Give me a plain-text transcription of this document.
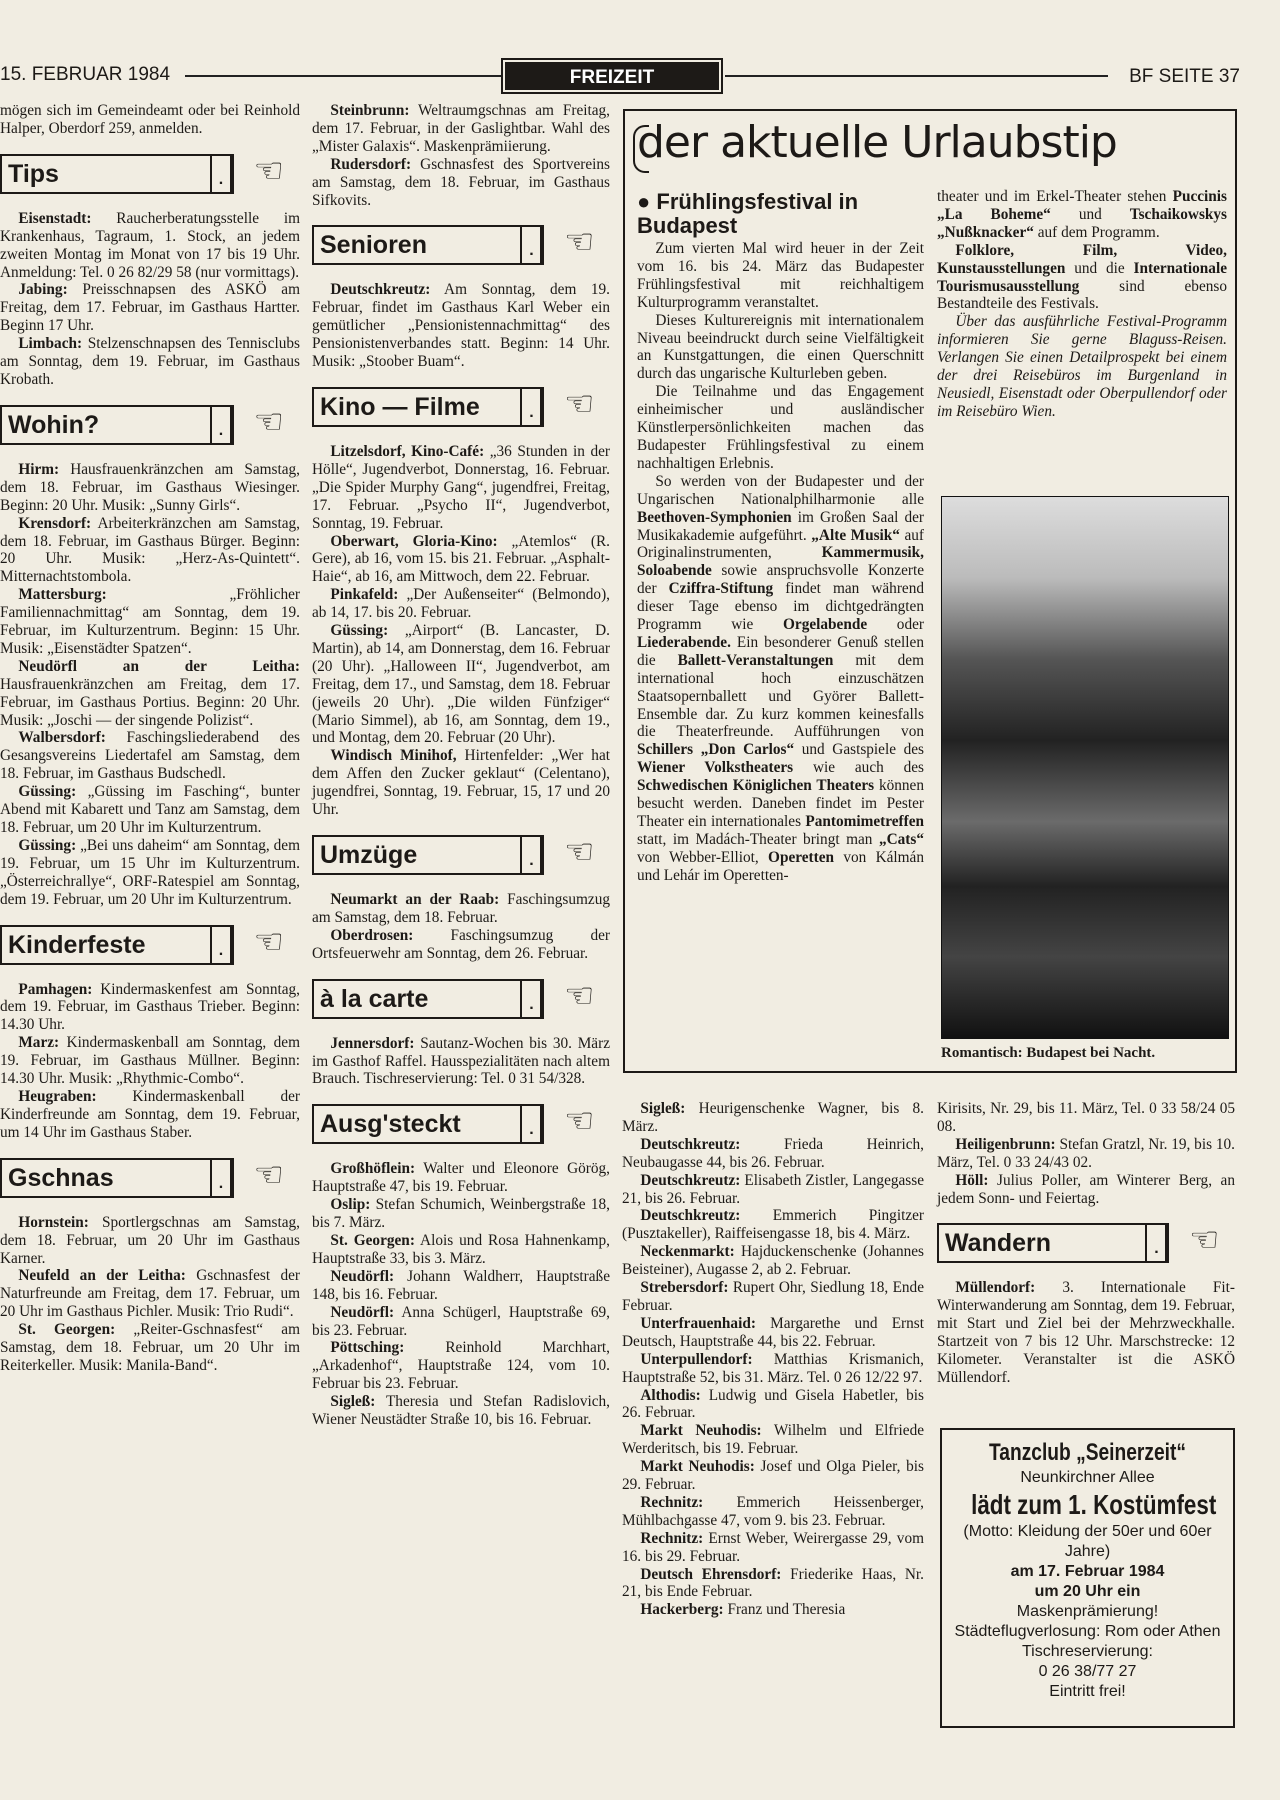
15. FEBRUAR 1984	FREIZEIT	BF SEITE 37

mögen sich im Gemeindeamt oder bei Reinhold Halper, Oberdorf 259, anmelden.

Tips	. ☜

Eisenstadt: Raucherberatungsstelle im Krankenhaus, Tagraum, 1. Stock, an jedem zweiten Montag im Monat von 17 bis 19 Uhr. Anmeldung: Tel. 0 26 82/29 58 (nur vormittags).

Jabing: Preisschnapsen des ASKÖ am Freitag, dem 17. Februar, im Gasthaus Hartter. Beginn 17 Uhr.

Limbach: Stelzenschnapsen des Tennisclubs am Sonntag, dem 19. Februar, im Gasthaus Krobath.

Wohin?	. ☜

Hirm: Hausfrauenkränzchen am Samstag, dem 18. Februar, im Gasthaus Wiesinger. Beginn: 20 Uhr. Musik: „Sunny Girls“.

Krensdorf: Arbeiterkränzchen am Samstag, dem 18. Februar, im Gasthaus Bürger. Beginn: 20 Uhr. Musik: „Herz-As-Quintett“. Mitternachtstombola.

Mattersburg: „Fröhlicher Familiennachmittag“ am Sonntag, dem 19. Februar, im Kulturzentrum. Beginn: 15 Uhr. Musik: „Eisenstädter Spatzen“.

Neudörfl an der Leitha: Hausfrauenkränzchen am Freitag, dem 17. Februar, im Gasthaus Portius. Beginn: 20 Uhr. Musik: „Joschi — der singende Polizist“.

Walbersdorf: Faschingsliederabend des Gesangsvereins Liedertafel am Samstag, dem 18. Februar, im Gasthaus Budschedl.

Güssing: „Güssing im Fasching“, bunter Abend mit Kabarett und Tanz am Samstag, dem 18. Februar, um 20 Uhr im Kulturzentrum.

Güssing: „Bei uns daheim“ am Sonntag, dem 19. Februar, um 15 Uhr im Kulturzentrum. „Österreichrallye“, ORF-Ratespiel am Sonntag, dem 19. Februar, um 20 Uhr im Kulturzentrum.

Kinderfeste	. ☜

Pamhagen: Kindermaskenfest am Sonntag, dem 19. Februar, im Gasthaus Trieber. Beginn: 14.30 Uhr.

Marz: Kindermaskenball am Sonntag, dem 19. Februar, im Gasthaus Müllner. Beginn: 14.30 Uhr. Musik: „Rhythmic-Combo“.

Heugraben: Kindermaskenball der Kinderfreunde am Sonntag, dem 19. Februar, um 14 Uhr im Gasthaus Staber.

Gschnas	. ☜

Hornstein: Sportlergschnas am Samstag, dem 18. Februar, um 20 Uhr im Gasthaus Karner.

Neufeld an der Leitha: Gschnasfest der Naturfreunde am Freitag, dem 17. Februar, um 20 Uhr im Gasthaus Pichler. Musik: Trio Rudi“.

St. Georgen: „Reiter-Gschnasfest“ am Samstag, dem 18. Februar, um 20 Uhr im Reiterkeller. Musik: Manila-Band“.

Steinbrunn: Weltraumgschnas am Freitag, dem 17. Februar, in der Gaslightbar. Wahl des „Mister Galaxis“. Maskenprämiierung.

Rudersdorf: Gschnasfest des Sportvereins am Samstag, dem 18. Februar, im Gasthaus Sifkovits.

Senioren	. ☜

Deutschkreutz: Am Sonntag, dem 19. Februar, findet im Gasthaus Karl Weber ein gemütlicher „Pensionistennachmittag“ des Pensionistenverbandes statt. Beginn: 14 Uhr. Musik: „Stoober Buam“.

Kino — Filme	. ☜

Litzelsdorf, Kino-Café: „36 Stunden in der Hölle“, Jugendverbot, Donnerstag, 16. Februar. „Die Spider Murphy Gang“, jugendfrei, Freitag, 17. Februar. „Psycho II“, Jugendverbot, Sonntag, 19. Februar.

Oberwart, Gloria-Kino: „Atemlos“ (R. Gere), ab 16, vom 15. bis 21. Februar. „Asphalt-Haie“, ab 16, am Mittwoch, dem 22. Februar.

Pinkafeld: „Der Außenseiter“ (Belmondo), ab 14, 17. bis 20. Februar.

Güssing: „Airport“ (B. Lancaster, D. Martin), ab 14, am Donnerstag, dem 16. Februar (20 Uhr). „Halloween II“, Jugendverbot, am Freitag, dem 17., und Samstag, dem 18. Februar (jeweils 20 Uhr). „Die wilden Fünfziger“ (Mario Simmel), ab 16, am Sonntag, dem 19., und Montag, dem 20. Februar (20 Uhr).

Windisch Minihof, Hirtenfelder: „Wer hat dem Affen den Zucker geklaut“ (Celentano), jugendfrei, Sonntag, 19. Februar, 15, 17 und 20 Uhr.

Umzüge	. ☜

Neumarkt an der Raab: Faschingsumzug am Samstag, dem 18. Februar.

Oberdrosen: Faschingsumzug der Ortsfeuerwehr am Sonntag, dem 26. Februar.

à la carte	. ☜

Jennersdorf: Sautanz-Wochen bis 30. März im Gasthof Raffel. Hausspezialitäten nach altem Brauch. Tischreservierung: Tel. 0 31 54/328.

Ausg'steckt	. ☜

Großhöflein: Walter und Eleonore Görög, Hauptstraße 47, bis 19. Februar.

Oslip: Stefan Schumich, Weinbergstraße 18, bis 7. März.

St. Georgen: Alois und Rosa Hahnenkamp, Hauptstraße 33, bis 3. März.

Neudörfl: Johann Waldherr, Hauptstraße 148, bis 16. Februar.

Neudörfl: Anna Schügerl, Hauptstraße 69, bis 23. Februar.

Pöttsching: Reinhold Marchhart, „Arkadenhof“, Hauptstraße 124, vom 10. Februar bis 23. Februar.

Sigleß: Theresia und Stefan Radislovich, Wiener Neustädter Straße 10, bis 16. Februar.

der aktuelle Urlaubstip

● Frühlingsfestival in Budapest

Zum vierten Mal wird heuer in der Zeit vom 16. bis 24. März das Budapester Frühlingsfestival mit reichhaltigem Kulturprogramm veranstaltet.

Dieses Kulturereignis mit internationalem Niveau beeindruckt durch seine Vielfältigkeit an Kunstgattungen, die einen Querschnitt durch das ungarische Kulturleben geben.

Die Teilnahme und das Engagement einheimischer und ausländischer Künstlerpersönlichkeiten machen das Budapester Frühlingsfestival zu einem nachhaltigen Erlebnis.

So werden von der Budapester und der Ungarischen Nationalphilharmonie alle Beethoven-Symphonien im Großen Saal der Musikakademie aufgeführt. „Alte Musik“ auf Originalinstrumenten, Kammermusik, Soloabende sowie anspruchsvolle Konzerte der Cziffra-Stiftung findet man während dieser Tage ebenso im dichtgedrängten Programm wie Orgelabende oder Liederabende. Ein besonderer Genuß stellen die Ballett-Veranstaltungen mit dem international hoch einzuschätzen Staatsopernballett und Györer Ballett-Ensemble dar. Zu kurz kommen keinesfalls die Theaterfreunde. Aufführungen von Schillers „Don Carlos“ und Gastspiele des Wiener Volkstheaters wie auch des Schwedischen Königlichen Theaters können besucht werden. Daneben findet im Pester Theater ein internationales Pantomimetreffen statt, im Madách-Theater bringt man „Cats“ von Webber-Elliot, Operetten von Kálmán und Lehár im Operetten-

theater und im Erkel-Theater stehen Puccinis „La Boheme“ und Tschaikowskys „Nußknacker“ auf dem Programm.

Folklore, Film, Video, Kunstausstellungen und die Internationale Tourismusausstellung sind ebenso Bestandteile des Festivals.

Über das ausführliche Festival-Programm informieren Sie gerne Blaguss-Reisen. Verlangen Sie einen Detailprospekt bei einem der drei Reisebüros im Burgenland in Neusiedl, Eisenstadt oder Oberpullendorf oder im Reisebüro Wien.

Romantisch: Budapest bei Nacht.

Sigleß: Heurigenschenke Wagner, bis 8. März.

Deutschkreutz: Frieda Heinrich, Neubaugasse 44, bis 26. Februar.

Deutschkreutz: Elisabeth Zistler, Langegasse 21, bis 26. Februar.

Deutschkreutz: Emmerich Pingitzer (Pusztakeller), Raiffeisengasse 18, bis 4. März.

Neckenmarkt: Hajduckenschenke (Johannes Beisteiner), Augasse 2, ab 2. Februar.

Strebersdorf: Rupert Ohr, Siedlung 18, Ende Februar.

Unterfrauenhaid: Margarethe und Ernst Deutsch, Hauptstraße 44, bis 22. Februar.

Unterpullendorf: Matthias Krismanich, Hauptstraße 52, bis 31. März. Tel. 0 26 12/22 97.

Althodis: Ludwig und Gisela Habetler, bis 26. Februar.

Markt Neuhodis: Wilhelm und Elfriede Werderitsch, bis 19. Februar.

Markt Neuhodis: Josef und Olga Pieler, bis 29. Februar.

Rechnitz: Emmerich Heissenberger, Mühlbachgasse 47, vom 9. bis 23. Februar.

Rechnitz: Ernst Weber, Weirergasse 29, vom 16. bis 29. Februar.

Deutsch Ehrensdorf: Friederike Haas, Nr. 21, bis Ende Februar.

Hackerberg: Franz und Theresia

Kirisits, Nr. 29, bis 11. März, Tel. 0 33 58/24 05 08.

Heiligenbrunn: Stefan Gratzl, Nr. 19, bis 10. März, Tel. 0 33 24/43 02.

Höll: Julius Poller, am Winterer Berg, an jedem Sonn- und Feiertag.

Wandern	. ☜

Müllendorf: 3. Internationale Fit-Winterwanderung am Sonntag, dem 19. Februar, mit Start und Ziel bei der Mehrzweckhalle. Startzeit von 7 bis 12 Uhr. Marschstrecke: 12 Kilometer. Veranstalter ist die ASKÖ Müllendorf.

Tanzclub „Seinerzeit“
Neunkirchner Allee
lädt zum 1. Kostümfest
(Motto: Kleidung der 50er und 60er Jahre)
am 17. Februar 1984
um 20 Uhr ein
Maskenprämierung!
Städteflugverlosung: Rom oder Athen
Tischreservierung:
0 26 38/77 27
Eintritt frei!
